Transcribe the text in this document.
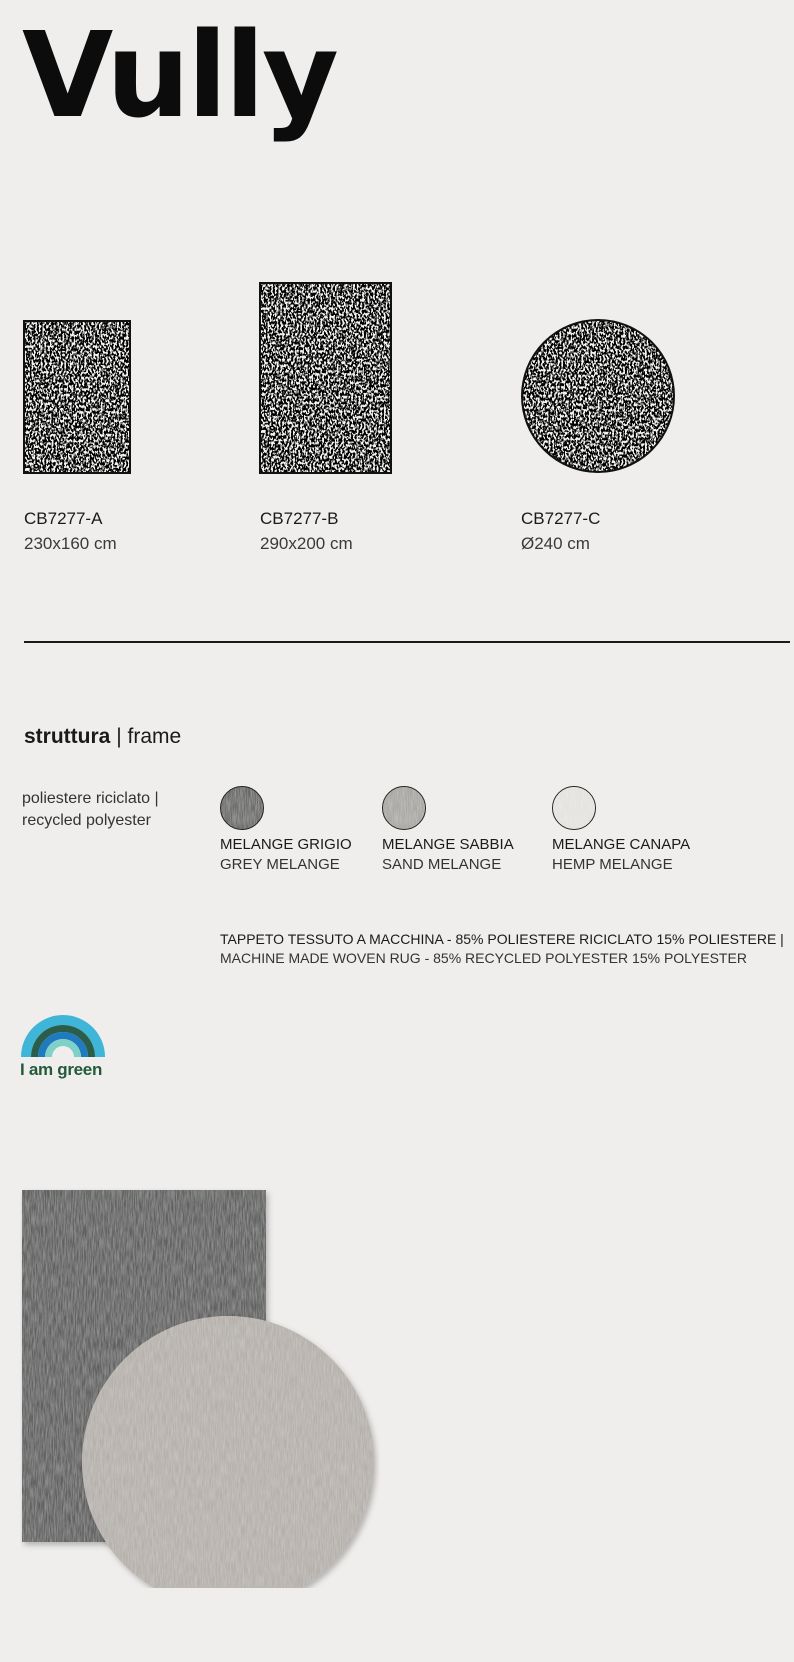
Vully
CB7277-A
230x160 cm
CB7277-B
290x200 cm
CB7277-C
Ø240 cm
struttura | frame
poliestere riciclato |
recycled polyester
MELANGE GRIGIO
GREY MELANGE
MELANGE SABBIA
SAND MELANGE
MELANGE CANAPA
HEMP MELANGE
TAPPETO TESSUTO A MACCHINA - 85% POLIESTERE RICICLATO 15% POLIESTERE |
MACHINE MADE WOVEN RUG - 85% RECYCLED POLYESTER 15% POLYESTER
I am green
